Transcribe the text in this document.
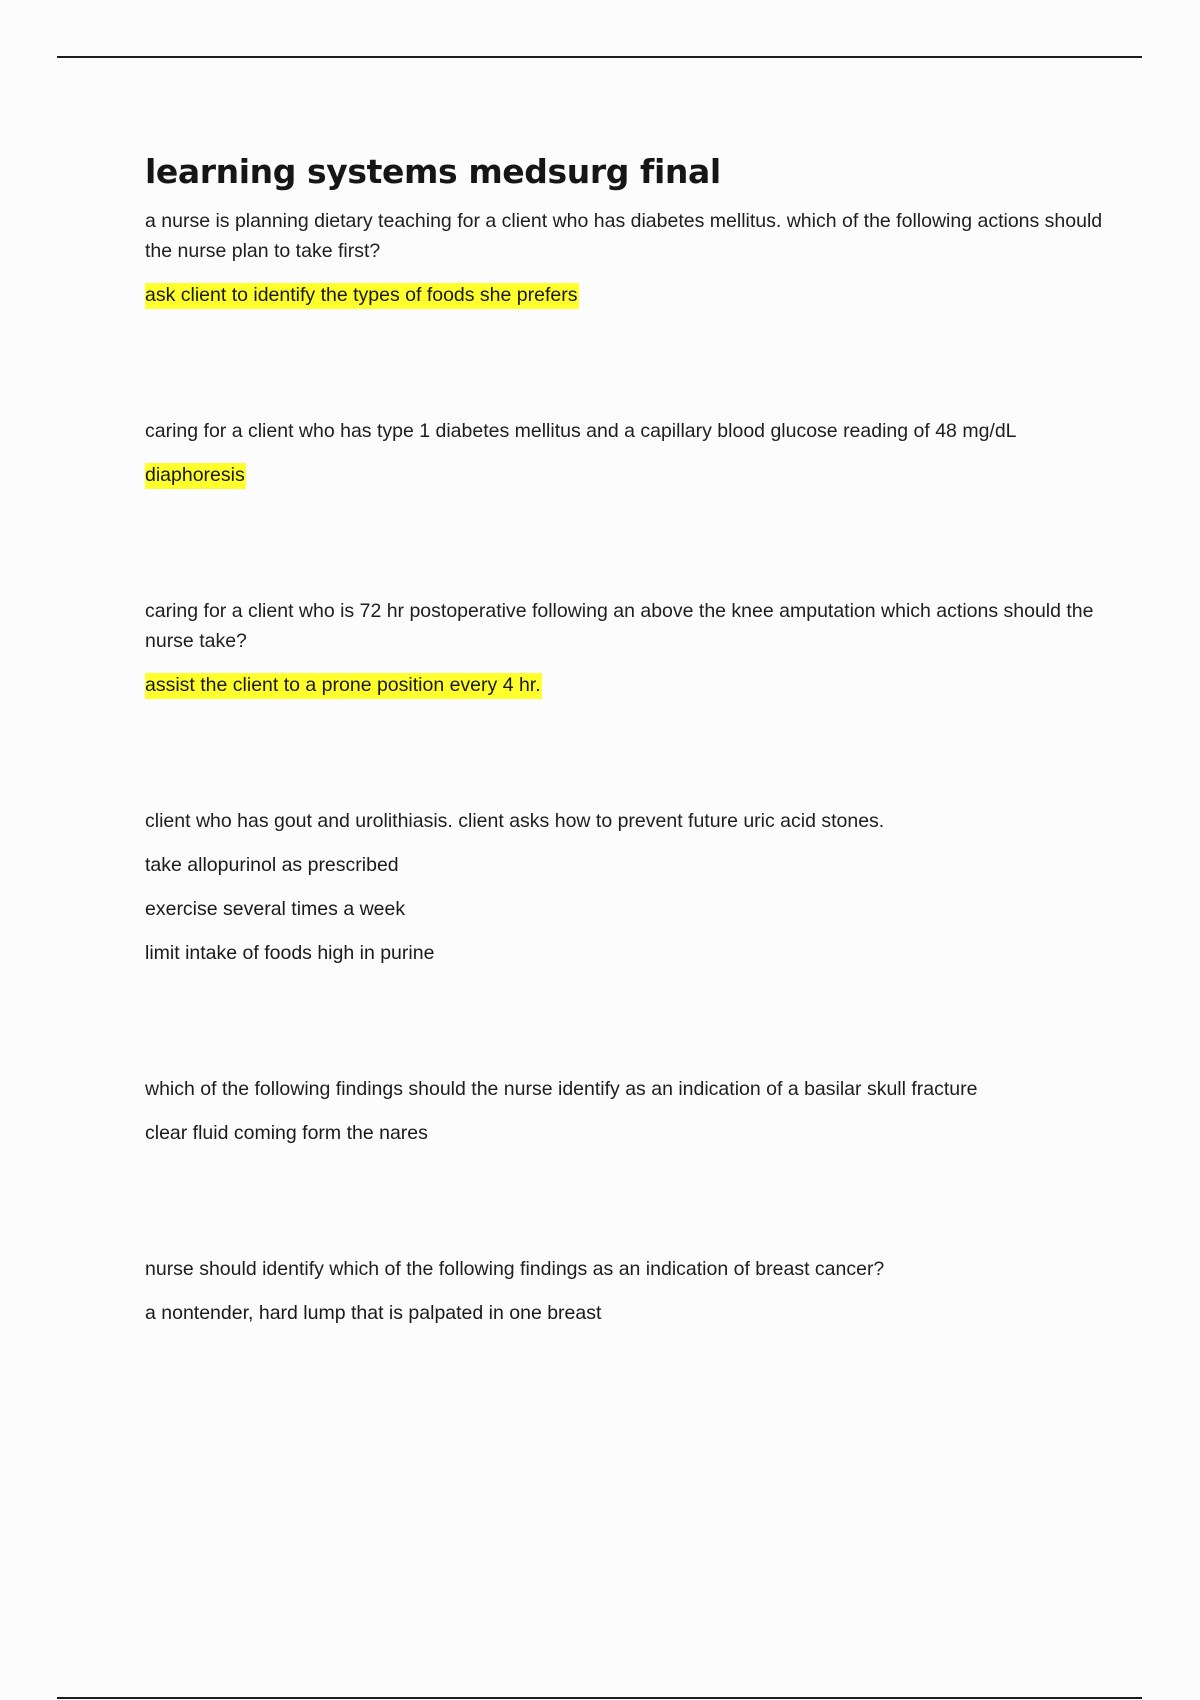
learning systems medsurg final

a nurse is planning dietary teaching for a client who has diabetes mellitus. which of the following actions should the nurse plan to take first?

ask client to identify the types of foods she prefers

caring for a client who has type 1 diabetes mellitus and a capillary blood glucose reading of 48 mg/dL

diaphoresis

caring for a client who is 72 hr postoperative following an above the knee amputation which actions should the nurse take?

assist the client to a prone position every 4 hr.

client who has gout and urolithiasis. client asks how to prevent future uric acid stones.

take allopurinol as prescribed

exercise several times a week

limit intake of foods high in purine

which of the following findings should the nurse identify as an indication of a basilar skull fracture

clear fluid coming form the nares

nurse should identify which of the following findings as an indication of breast cancer?

a nontender, hard lump that is palpated in one breast
